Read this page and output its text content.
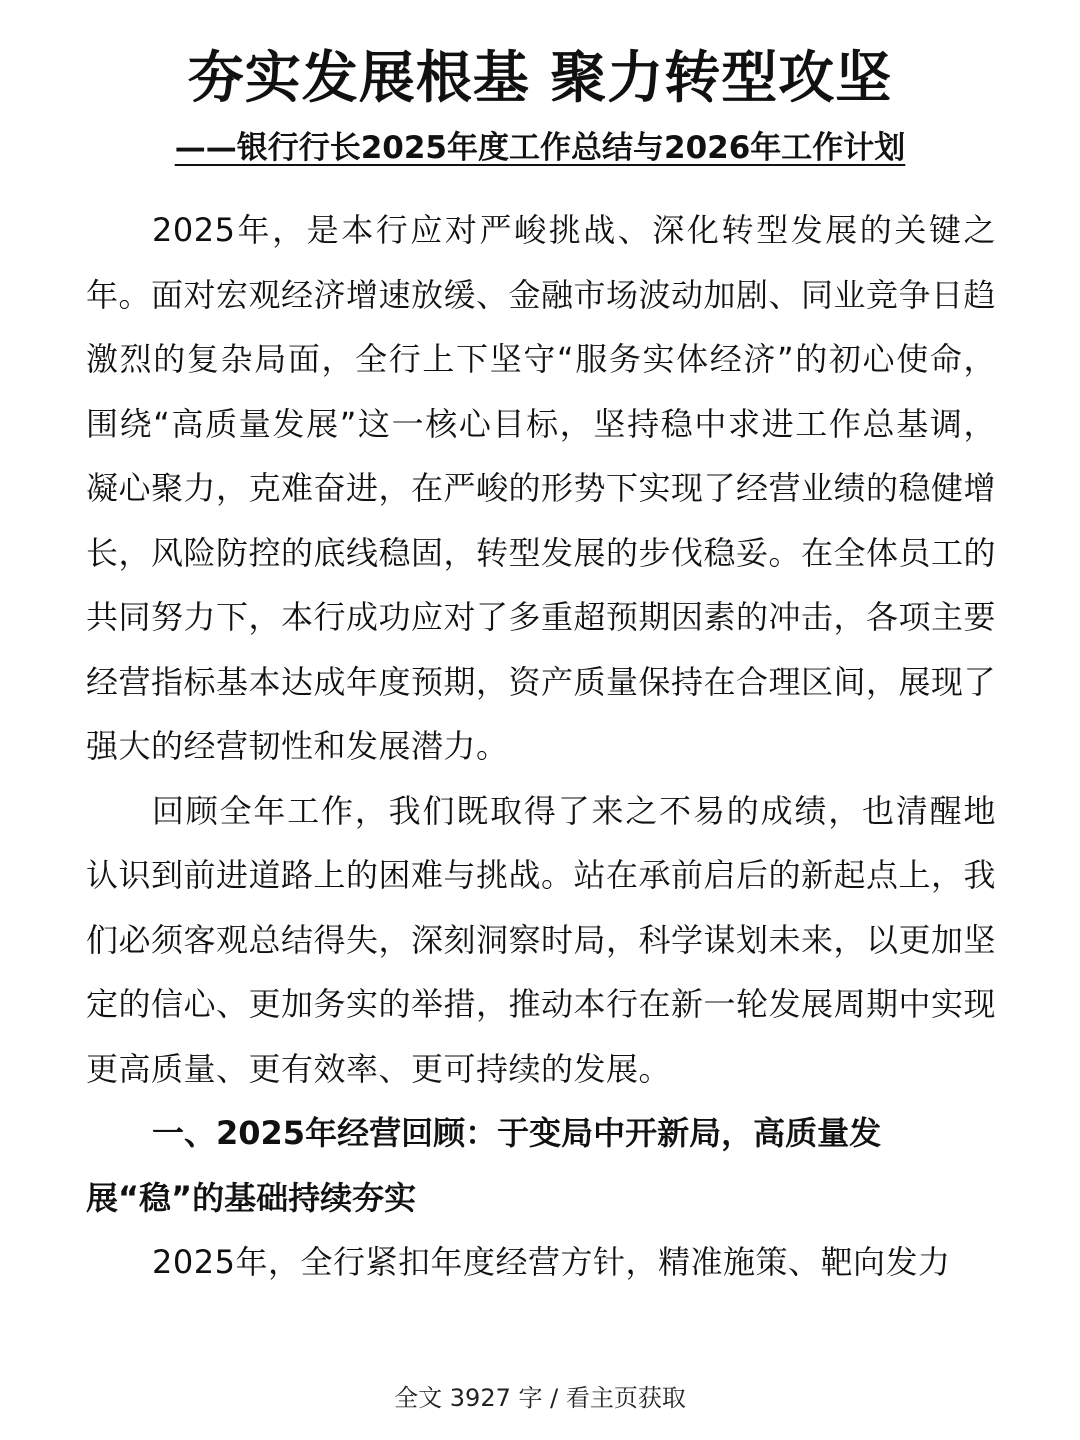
夯实发展根基 聚力转型攻坚
——银行行长2025年度工作总结与2026年工作计划

2025年，是本行应对严峻挑战、深化转型发展的关键之年。面对宏观经济增速放缓、金融市场波动加剧、同业竞争日趋激烈的复杂局面，全行上下坚守“服务实体经济”的初心使命，围绕“高质量发展”这一核心目标，坚持稳中求进工作总基调，凝心聚力，克难奋进，在严峻的形势下实现了经营业绩的稳健增长，风险防控的底线稳固，转型发展的步伐稳妥。在全体员工的共同努力下，本行成功应对了多重超预期因素的冲击，各项主要经营指标基本达成年度预期，资产质量保持在合理区间，展现了强大的经营韧性和发展潜力。

回顾全年工作，我们既取得了来之不易的成绩，也清醒地认识到前进道路上的困难与挑战。站在承前启后的新起点上，我们必须客观总结得失，深刻洞察时局，科学谋划未来，以更加坚定的信心、更加务实的举措，推动本行在新一轮发展周期中实现更高质量、更有效率、更可持续的发展。

一、2025年经营回顾：于变局中开新局，高质量发展“稳”的基础持续夯实

2025年，全行紧扣年度经营方针，精准施策、靶向发力

全文 3927 字 / 看主页获取
